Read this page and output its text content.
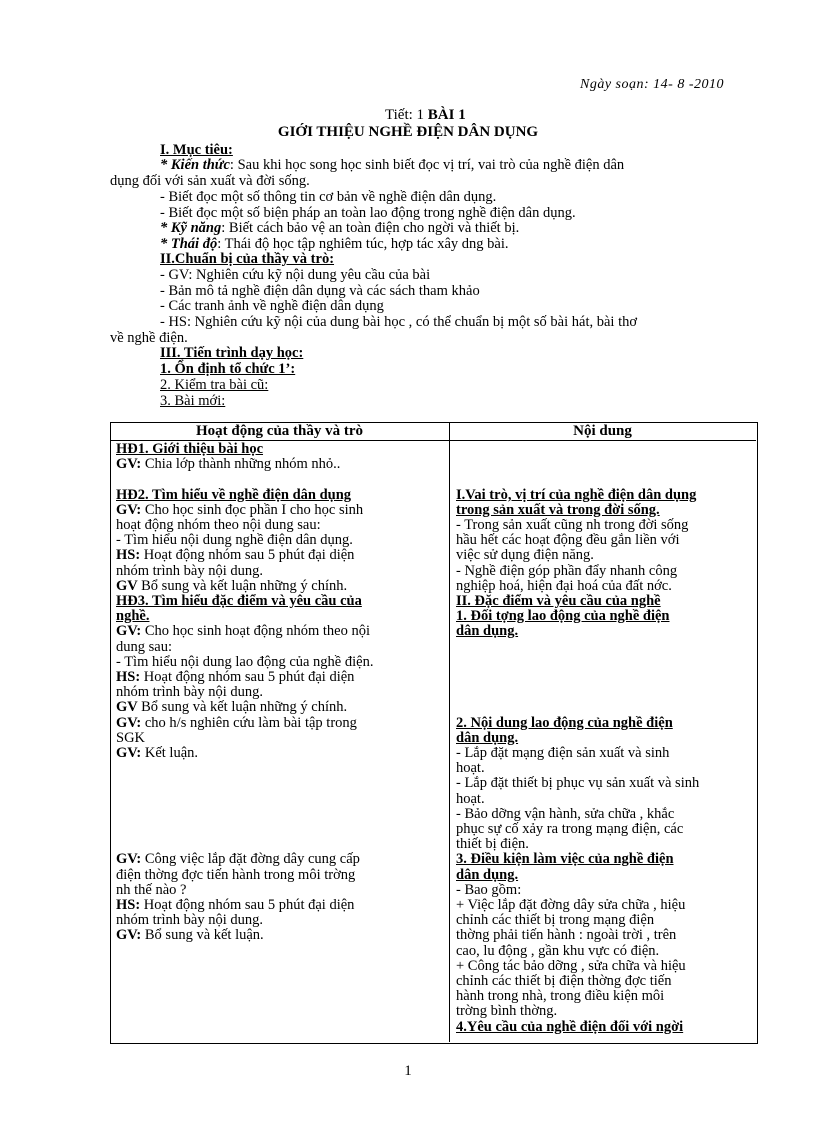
Ngày soạn: 14- 8 -2010
Tiết: 1 BÀI 1
GIỚI THIỆU NGHỀ ĐIỆN DÂN DỤNG
I. Mục tiêu:
* Kiến thức: Sau khi học song học sinh biết đọc vị trí, vai trò của nghề điện dân
dụng đối với sản xuất và đời sống.
- Biết đọc một số thông tin cơ bản về nghề điện dân dụng.
- Biết đọc một số biện pháp an toàn lao động trong nghề điện dân dụng.
* Kỹ năng: Biết cách bảo vệ an toàn điện cho ngời và thiết bị.
* Thái độ: Thái độ học tập nghiêm túc, hợp tác xây dng bài.
II.Chuẩn bị của thầy và trò:
- GV: Nghiên cứu kỹ nội dung yêu cầu của bài
- Bản mô tả nghề điện dân dụng và các sách tham khảo
- Các tranh ảnh về nghề điện dân dụng
- HS: Nghiên cứu kỹ nội của dung bài học , có thể chuẩn bị một số bài hát, bài thơ
về nghề điện.
III. Tiến trình dạy học:
1. Ổn định tổ chức 1’:
2. Kiểm tra bài cũ:
3. Bài mới:
Hoạt động của thầy và trò	Nội dung
HĐ1. Giới thiệu bài học
GV: Chia lớp thành những nhóm nhỏ..
HĐ2. Tìm hiểu về nghề điện dân dụng
GV: Cho học sinh đọc phần I cho học sinh
hoạt động nhóm theo nội dung sau:
- Tìm hiểu nội dung nghề điện dân dụng.
HS: Hoạt động nhóm sau 5 phút đại diện
nhóm trình bày nội dung.
GV Bổ sung và kết luận những ý chính.
HĐ3. Tìm hiểu đặc điểm và yêu cầu của
nghề.
GV: Cho học sinh hoạt động nhóm theo nội
dung sau:
- Tìm hiểu nội dung lao động của nghề điện.
HS: Hoạt động nhóm sau 5 phút đại diện
nhóm trình bày nội dung.
GV Bổ sung và kết luận những ý chính.
GV: cho h/s nghiên cứu làm bài tập trong
SGK
GV: Kết luận.
GV: Công việc lắp đặt đờng dây cung cấp
điện thờng đợc tiến hành trong môi trờng
nh thế nào ?
HS: Hoạt động nhóm sau 5 phút đại diện
nhóm trình bày nội dung.
GV: Bổ sung và kết luận.
I.Vai trò, vị trí của nghề điện dân dụng
trong sản xuất và trong đời sống.
- Trong sản xuất cũng nh trong đời sống
hầu hết các hoạt động đều gắn liền với
việc sử dụng điện năng.
- Nghề điện góp phần đẩy nhanh công
nghiệp hoá, hiện đại hoá của đất nớc.
II. Đặc điểm và yêu cầu của nghề
1. Đối tợng lao động của nghề điện
dân dụng.
2. Nội dung lao động của nghề điện
dân dụng.
- Lắp đặt mạng điện sản xuất và sinh
hoạt.
- Lắp đặt thiết bị phục vụ sản xuất và sinh
hoạt.
- Bảo dỡng vận hành, sửa chữa , khắc
phục sự cố xảy ra trong mạng điện, các
thiết bị điện.
3. Điều kiện làm việc của nghề điện
dân dụng.
- Bao gồm:
+ Việc lắp đặt đờng dây sửa chữa , hiệu
chỉnh các thiết bị trong mạng điện
thờng phải tiến hành : ngoài trời , trên
cao, lu động , gần khu vực có điện.
+ Công tác bảo dỡng , sửa chữa và hiệu
chỉnh các thiết bị điện thờng đợc tiến
hành trong nhà, trong điều kiện môi
trờng bình thờng.
4.Yêu cầu của nghề điện đối với ngời
1
